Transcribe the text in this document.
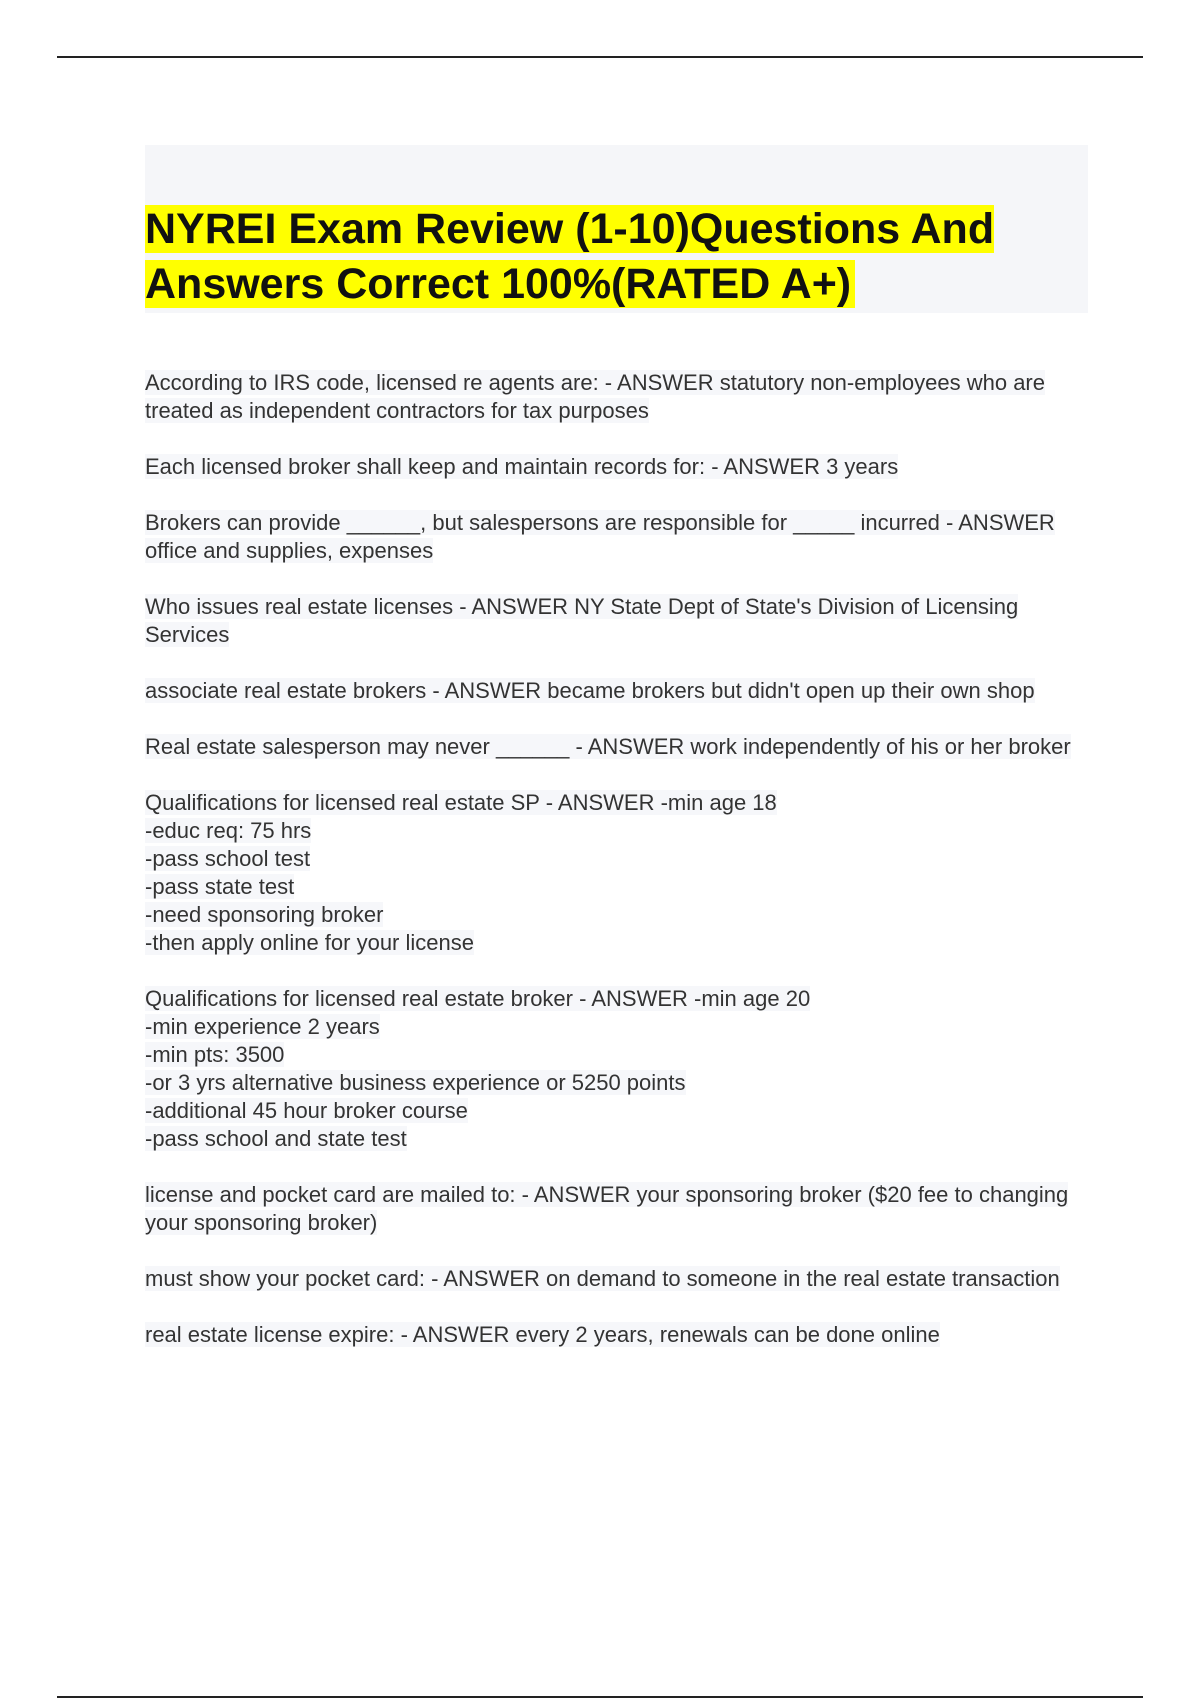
NYREI Exam Review (1-10)Questions And Answers Correct 100%(RATED A+)

According to IRS code, licensed re agents are: - ANSWER statutory non-employees who are treated as independent contractors for tax purposes

Each licensed broker shall keep and maintain records for: - ANSWER 3 years

Brokers can provide ______, but salespersons are responsible for _____ incurred - ANSWER office and supplies, expenses

Who issues real estate licenses - ANSWER NY State Dept of State's Division of Licensing Services

associate real estate brokers - ANSWER became brokers but didn't open up their own shop

Real estate salesperson may never ______ - ANSWER work independently of his or her broker

Qualifications for licensed real estate SP - ANSWER -min age 18
-educ req: 75 hrs
-pass school test
-pass state test
-need sponsoring broker
-then apply online for your license

Qualifications for licensed real estate broker - ANSWER -min age 20
-min experience 2 years
-min pts: 3500
-or 3 yrs alternative business experience or 5250 points
-additional 45 hour broker course
-pass school and state test

license and pocket card are mailed to: - ANSWER your sponsoring broker ($20 fee to changing your sponsoring broker)

must show your pocket card: - ANSWER on demand to someone in the real estate transaction

real estate license expire: - ANSWER every 2 years, renewals can be done online
